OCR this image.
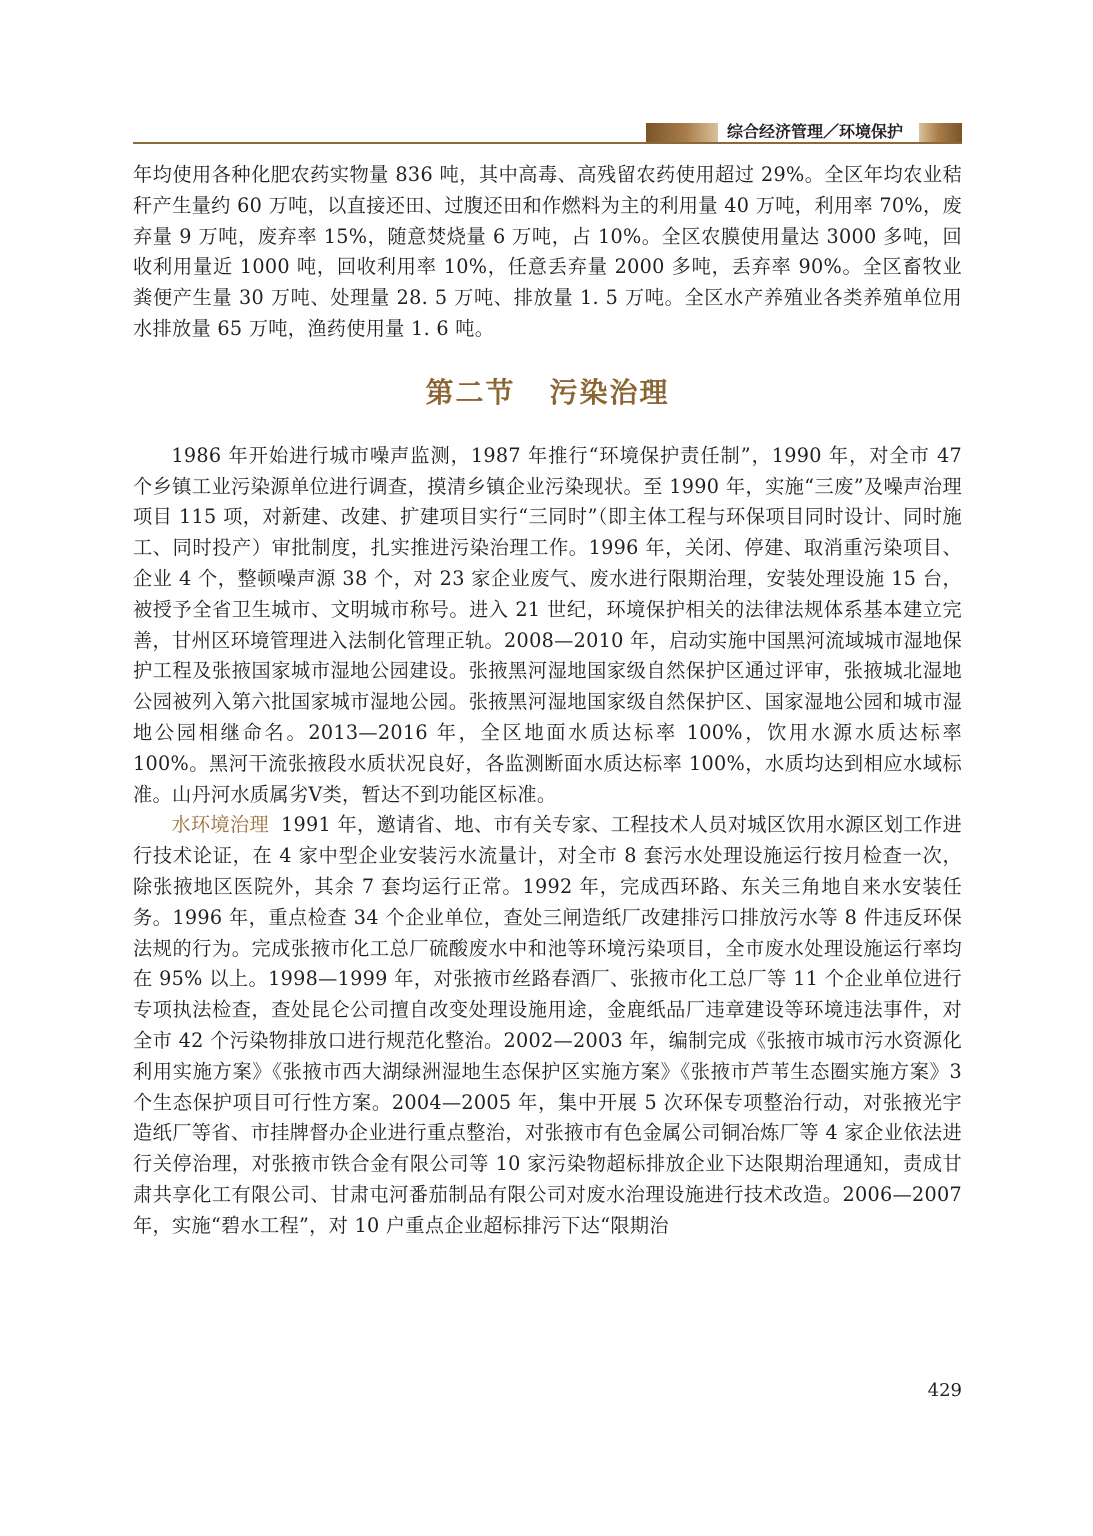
综合经济管理／环境保护

年均使用各种化肥农药实物量 836 吨，其中高毒、高残留农药使用超过 29%。全区年均农业秸秆产生量约 60 万吨，以直接还田、过腹还田和作燃料为主的利用量 40 万吨，利用率 70%，废弃量 9 万吨，废弃率 15%，随意焚烧量 6 万吨，占 10%。全区农膜使用量达 3000 多吨，回收利用量近 1000 吨，回收利用率 10%，任意丢弃量 2000 多吨，丢弃率 90%。全区畜牧业粪便产生量 30 万吨、处理量 28. 5 万吨、排放量 1. 5 万吨。全区水产养殖业各类养殖单位用水排放量 65 万吨，渔药使用量 1. 6 吨。

第二节 污染治理

1986 年开始进行城市噪声监测，1987 年推行“环境保护责任制”，1990 年，对全市 47 个乡镇工业污染源单位进行调查，摸清乡镇企业污染现状。至 1990 年，实施“三废”及噪声治理项目 115 项，对新建、改建、扩建项目实行“三同时”（即主体工程与环保项目同时设计、同时施工、同时投产）审批制度，扎实推进污染治理工作。1996 年，关闭、停建、取消重污染项目、企业 4 个，整顿噪声源 38 个，对 23 家企业废气、废水进行限期治理，安装处理设施 15 台，被授予全省卫生城市、文明城市称号。进入 21 世纪，环境保护相关的法律法规体系基本建立完善，甘州区环境管理进入法制化管理正轨。2008—2010 年，启动实施中国黑河流域城市湿地保护工程及张掖国家城市湿地公园建设。张掖黑河湿地国家级自然保护区通过评审，张掖城北湿地公园被列入第六批国家城市湿地公园。张掖黑河湿地国家级自然保护区、国家湿地公园和城市湿地公园相继命名。2013—2016 年，全区地面水质达标率 100%，饮用水源水质达标率 100%。黑河干流张掖段水质状况良好，各监测断面水质达标率 100%，水质均达到相应水域标准。山丹河水质属劣Ⅴ类，暂达不到功能区标准。

水环境治理 1991 年，邀请省、地、市有关专家、工程技术人员对城区饮用水源区划工作进行技术论证，在 4 家中型企业安装污水流量计，对全市 8 套污水处理设施运行按月检查一次，除张掖地区医院外，其余 7 套均运行正常。1992 年，完成西环路、东关三角地自来水安装任务。1996 年，重点检查 34 个企业单位，查处三闸造纸厂改建排污口排放污水等 8 件违反环保法规的行为。完成张掖市化工总厂硫酸废水中和池等环境污染项目，全市废水处理设施运行率均在 95% 以上。1998—1999 年，对张掖市丝路春酒厂、张掖市化工总厂等 11 个企业单位进行专项执法检查，查处昆仑公司擅自改变处理设施用途，金鹿纸品厂违章建设等环境违法事件，对全市 42 个污染物排放口进行规范化整治。2002—2003 年，编制完成《张掖市城市污水资源化利用实施方案》《张掖市西大湖绿洲湿地生态保护区实施方案》《张掖市芦苇生态圈实施方案》3 个生态保护项目可行性方案。2004—2005 年，集中开展 5 次环保专项整治行动，对张掖光宇造纸厂等省、市挂牌督办企业进行重点整治，对张掖市有色金属公司铜冶炼厂等 4 家企业依法进行关停治理，对张掖市铁合金有限公司等 10 家污染物超标排放企业下达限期治理通知，责成甘肃共享化工有限公司、甘肃屯河番茄制品有限公司对废水治理设施进行技术改造。2006—2007 年，实施“碧水工程”，对 10 户重点企业超标排污下达“限期治

429
